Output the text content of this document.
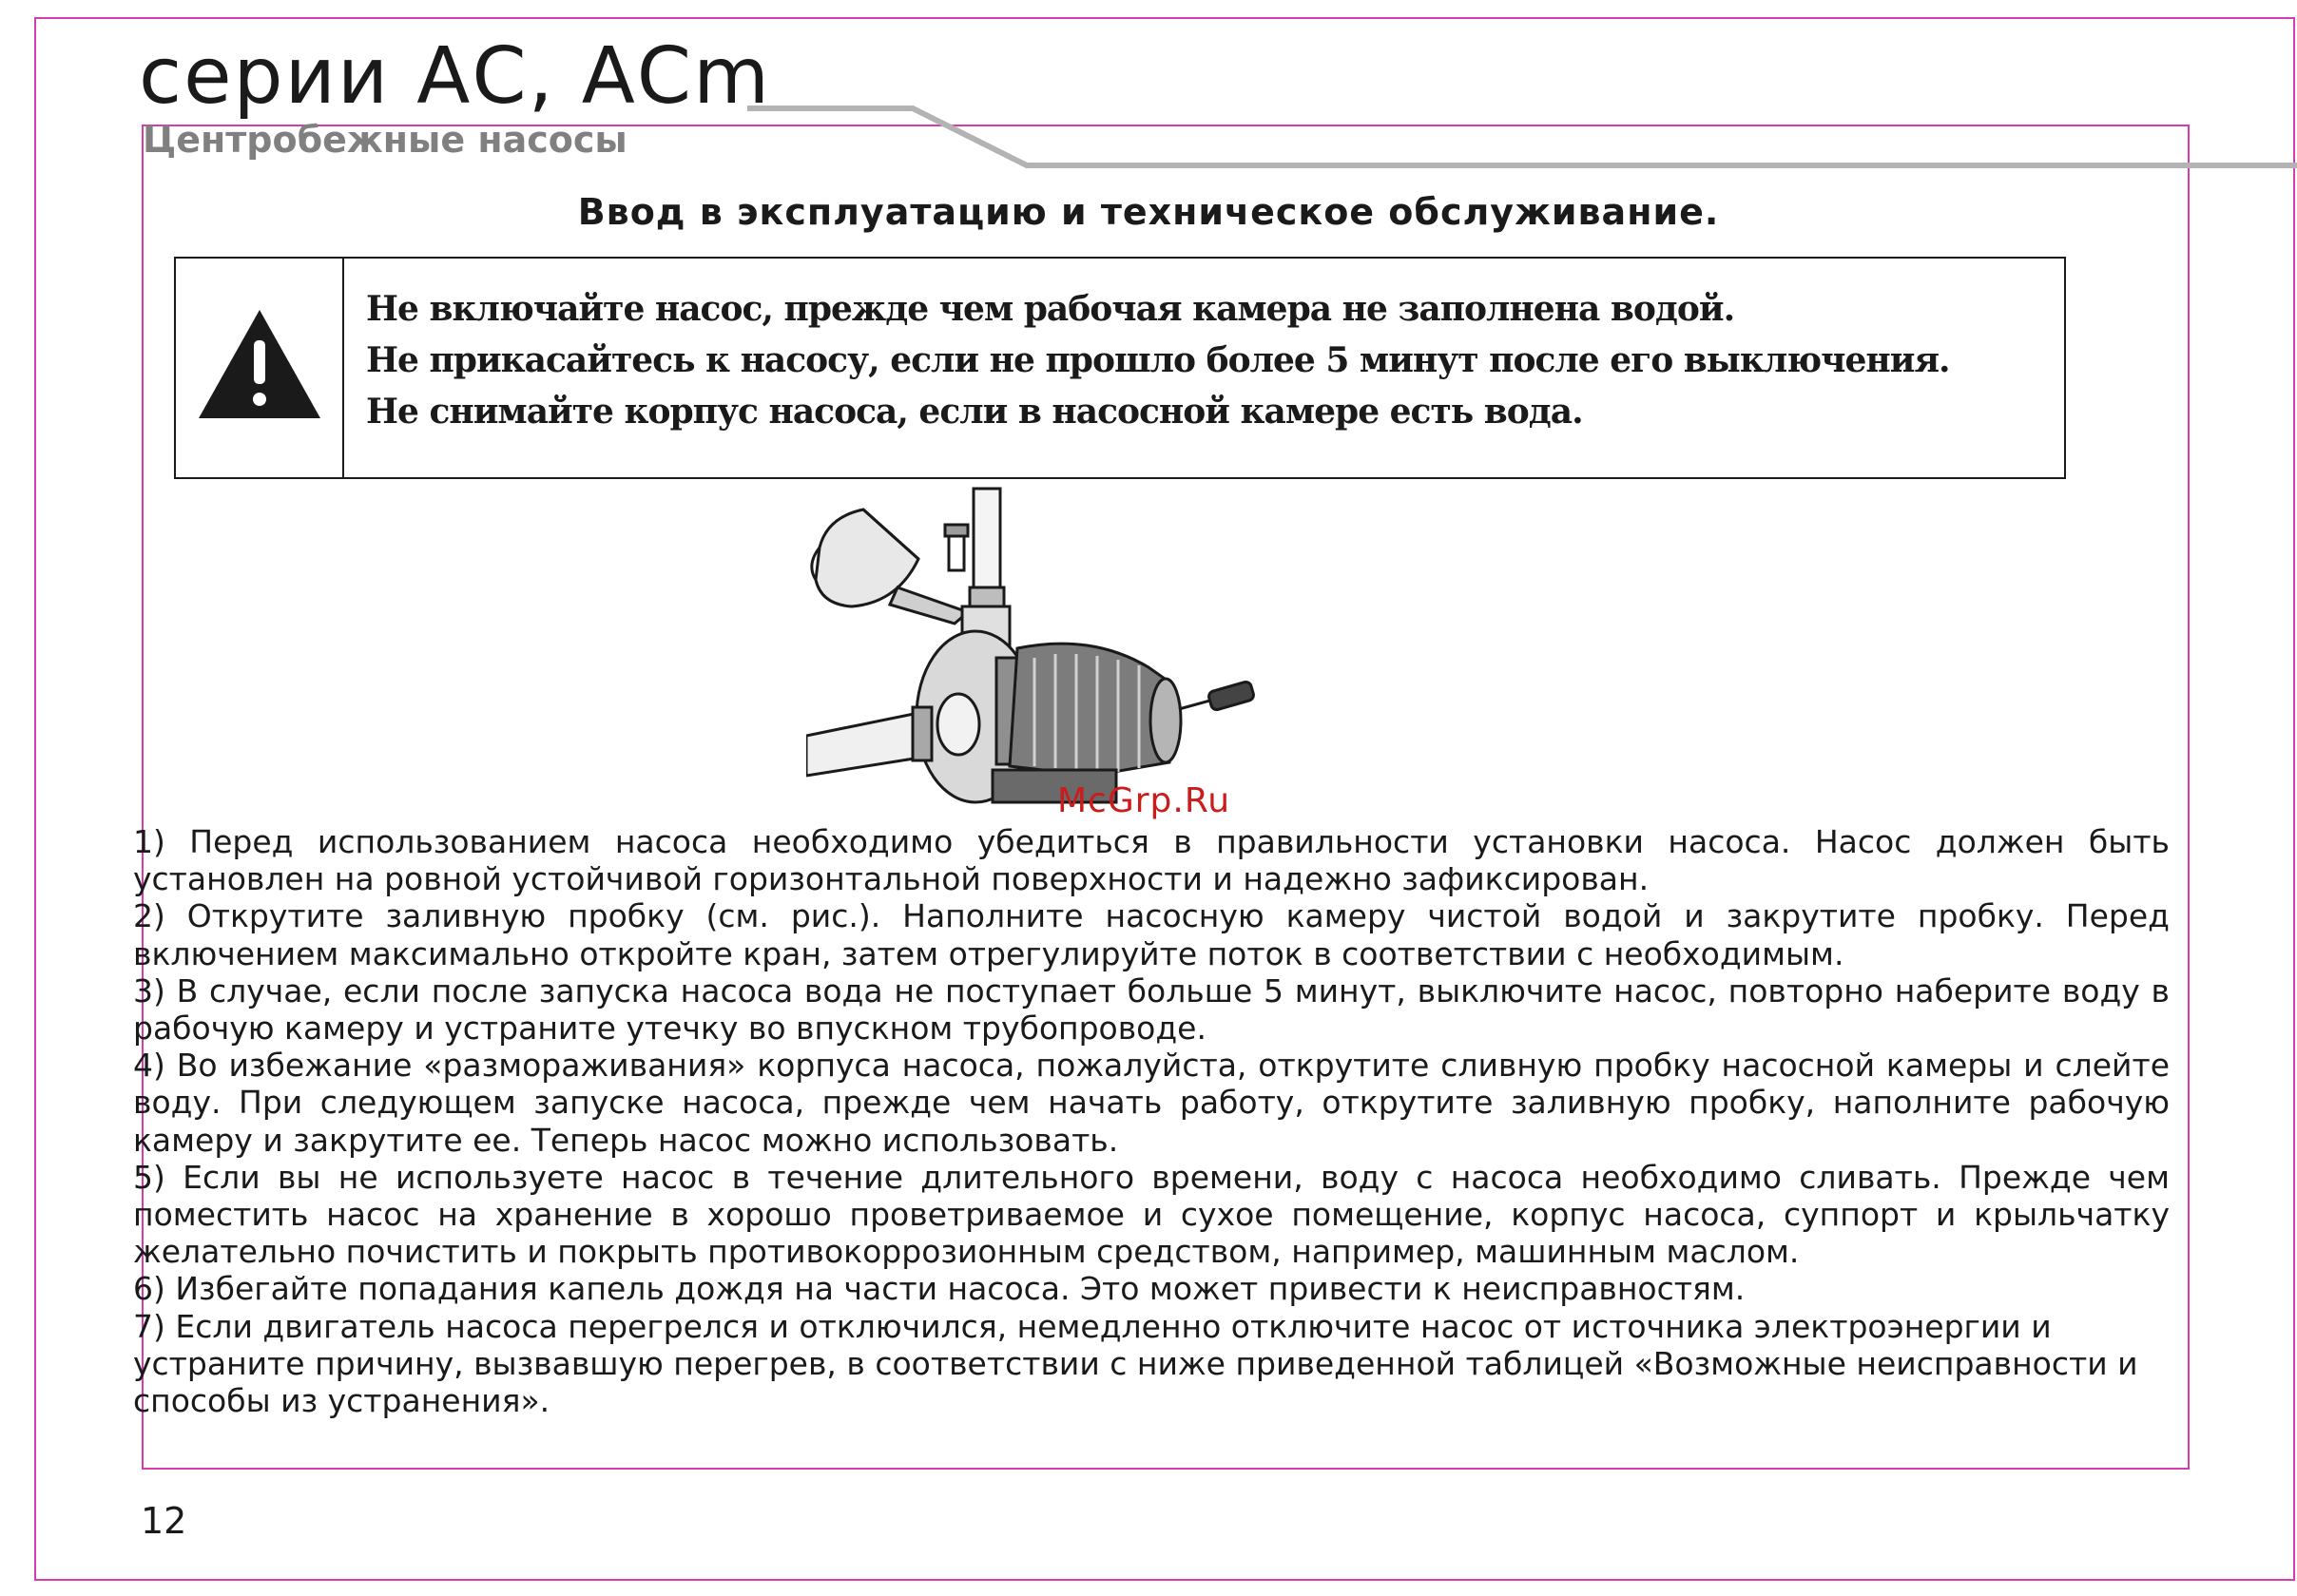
серии АС, АСm
Центробежные насосы
Ввод в эксплуатацию и техническое обслуживание.
Не включайте насос, прежде чем рабочая камера не заполнена водой.
Не прикасайтесь к насосу, если не прошло более 5 минут после его выключения.
Не снимайте корпус насоса, если в насосной камере есть вода.
McGrp.Ru

1) Перед использованием насоса необходимо убедиться в правильности установки насоса. Насос должен быть установлен на ровной устойчивой горизонтальной поверхности и надежно зафиксирован.

2) Открутите заливную пробку (см. рис.). Наполните насосную камеру чистой водой и закрутите пробку. Перед включением максимально откройте кран, затем отрегулируйте поток в соответствии с необходимым.

3) В случае, если после запуска насоса вода не поступает больше 5 минут, выключите насос, повторно наберите воду в рабочую камеру и устраните утечку во впускном трубопроводе.

4) Во избежание «размораживания» корпуса насоса, пожалуйста, открутите сливную пробку насосной камеры и слейте воду. При следующем запуске насоса, прежде чем начать работу, открутите заливную пробку, наполните рабочую камеру и закрутите ее. Теперь насос можно использовать.

5) Если вы не используете насос в течение длительного времени, воду с насоса необходимо сливать. Прежде чем поместить насос на хранение в хорошо проветриваемое и сухое помещение, корпус насоса, суппорт и крыльчатку желательно почистить и покрыть противокоррозионным средством, например, машинным маслом.

6) Избегайте попадания капель дождя на части насоса. Это может привести к неисправностям.

7) Если двигатель насоса перегрелся и отключился, немедленно отключите насос от источника электроэнергии и устраните причину, вызвавшую перегрев, в соответствии с ниже приведенной таблицей «Возможные неисправности и способы из устранения».

12
